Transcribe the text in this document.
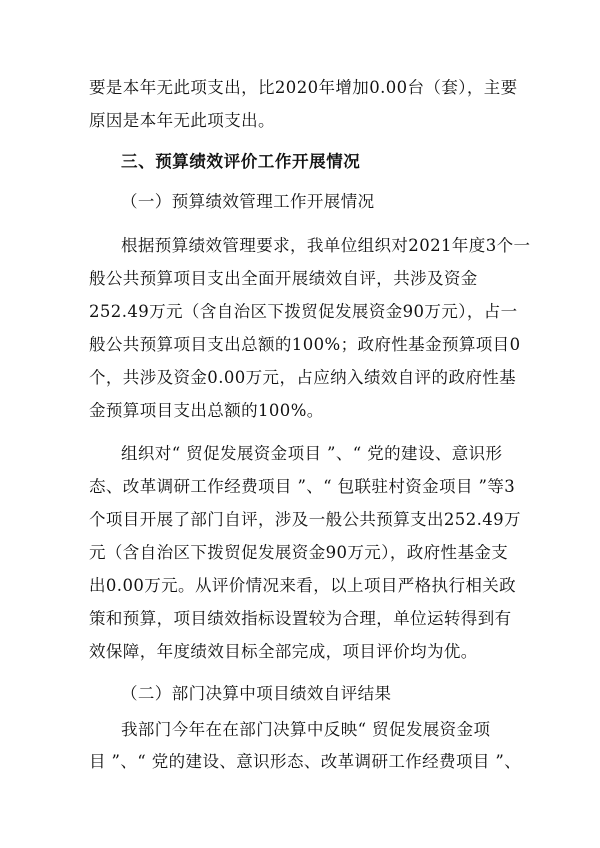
要是本年无此项支出，比2020年增加0.00台（套），主要
原因是本年无此项支出。
三、预算绩效评价工作开展情况
（一）预算绩效管理工作开展情况
根据预算绩效管理要求，我单位组织对2021年度3个一
般公共预算项目支出全面开展绩效自评，共涉及资金
252.49万元（含自治区下拨贸促发展资金90万元），占一
般公共预算项目支出总额的100%；政府性基金预算项目0
个，共涉及资金0.00万元，占应纳入绩效自评的政府性基
金预算项目支出总额的100%。
组织对“ 贸促发展资金项目 ”、“ 党的建设、意识形
态、改革调研工作经费项目 ”、“ 包联驻村资金项目 ”等3
个项目开展了部门自评，涉及一般公共预算支出252.49万
元（含自治区下拨贸促发展资金90万元），政府性基金支
出0.00万元。从评价情况来看，以上项目严格执行相关政
策和预算，项目绩效指标设置较为合理，单位运转得到有
效保障，年度绩效目标全部完成，项目评价均为优。
（二）部门决算中项目绩效自评结果
我部门今年在在部门决算中反映“ 贸促发展资金项
目 ”、“ 党的建设、意识形态、改革调研工作经费项目 ”、
